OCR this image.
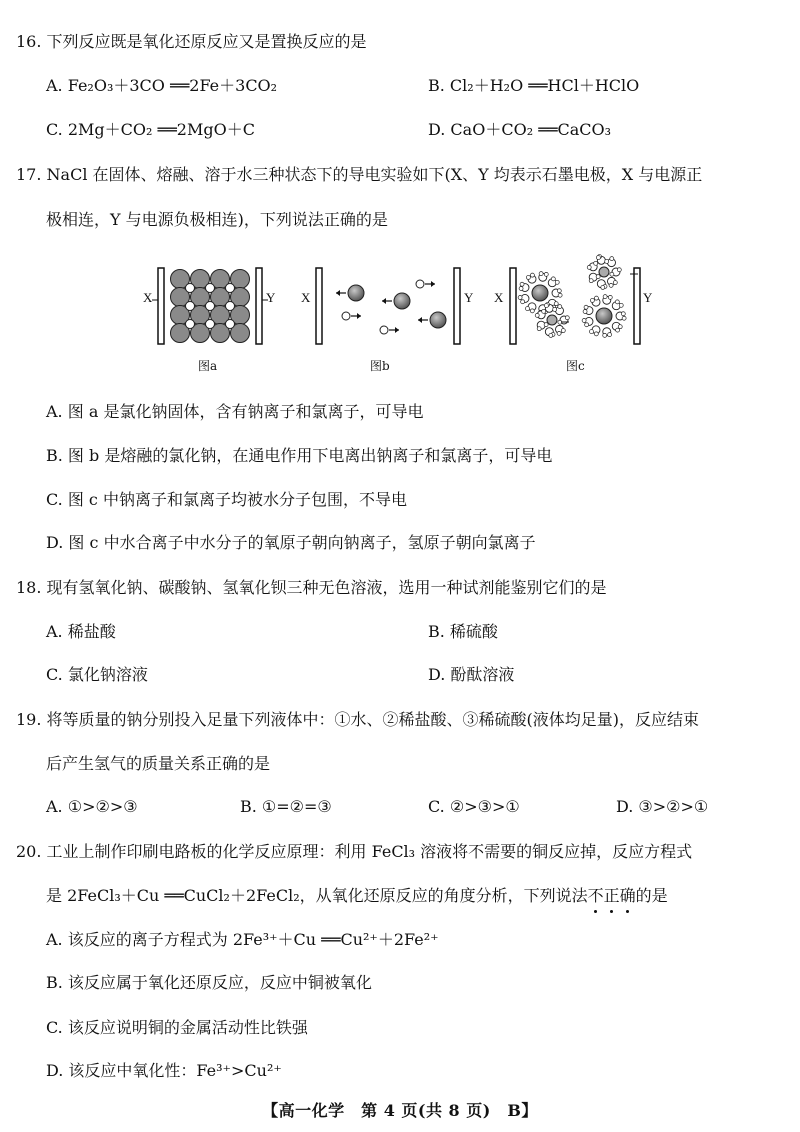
16. 下列反应既是氧化还原反应又是置换反应的是
A. Fe₂O₃＋3CO ══2Fe＋3CO₂	B. Cl₂＋H₂O ══HCl＋HClO
C. 2Mg＋CO₂ ══2MgO＋C	D. CaO＋CO₂ ══CaCO₃
17. NaCl 在固体、熔融、溶于水三种状态下的导电实验如下(X、Y 均表示石墨电极，X 与电源正
极相连，Y 与电源负极相连)，下列说法正确的是
X	Y
图a
X	Y
图b
X	Y
图c
A. 图 a 是氯化钠固体，含有钠离子和氯离子，可导电
B. 图 b 是熔融的氯化钠，在通电作用下电离出钠离子和氯离子，可导电
C. 图 c 中钠离子和氯离子均被水分子包围，不导电
D. 图 c 中水合离子中水分子的氧原子朝向钠离子，氢原子朝向氯离子
18. 现有氢氧化钠、碳酸钠、氢氧化钡三种无色溶液，选用一种试剂能鉴别它们的是
A. 稀盐酸	B. 稀硫酸
C. 氯化钠溶液	D. 酚酞溶液
19. 将等质量的钠分别投入足量下列液体中：①水、②稀盐酸、③稀硫酸(液体均足量)，反应结束
后产生氢气的质量关系正确的是
A. ①>②>③	B. ①=②=③	C. ②>③>①	D. ③>②>①
20. 工业上制作印刷电路板的化学反应原理：利用 FeCl₃ 溶液将不需要的铜反应掉，反应方程式
是 2FeCl₃＋Cu ══CuCl₂＋2FeCl₂，从氧化还原反应的角度分析，下列说法不
正
确
的是
A. 该反应的离子方程式为 2Fe³⁺＋Cu ══Cu²⁺＋2Fe²⁺
B. 该反应属于氧化还原反应，反应中铜被氧化
C. 该反应说明铜的金属活动性比铁强
D. 该反应中氧化性：Fe³⁺>Cu²⁺
【高一化学　第 4 页(共 8 页)　B】
